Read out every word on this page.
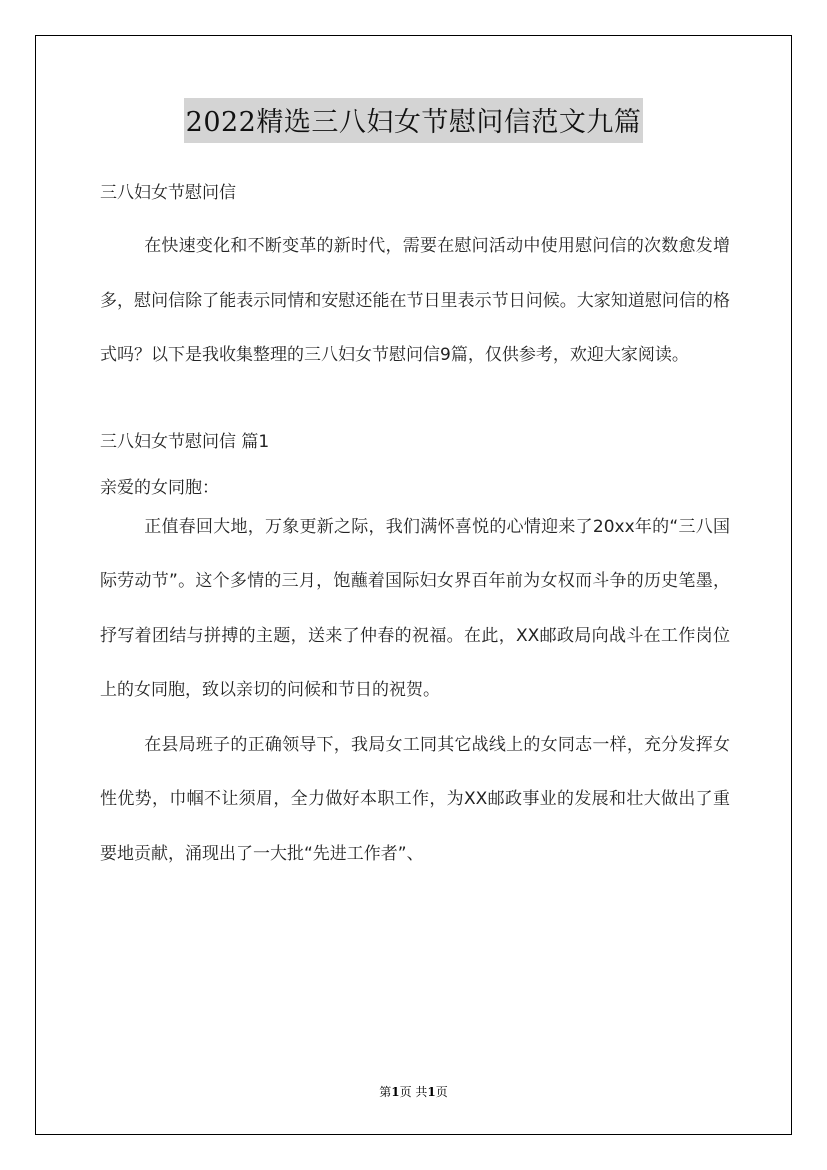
2022精选三八妇女节慰问信范文九篇
三八妇女节慰问信

在快速变化和不断变革的新时代，需要在慰问活动中使用慰问信的次数愈发增多，慰问信除了能表示同情和安慰还能在节日里表示节日问候。大家知道慰问信的格式吗？以下是我收集整理的三八妇女节慰问信9篇，仅供参考，欢迎大家阅读。

三八妇女节慰问信 篇1
亲爱的女同胞：

正值春回大地，万象更新之际，我们满怀喜悦的心情迎来了20xx年的“三八国际劳动节”。这个多情的三月，饱蘸着国际妇女界百年前为女权而斗争的历史笔墨，抒写着团结与拼搏的主题，送来了仲春的祝福。在此，XX邮政局向战斗在工作岗位上的女同胞，致以亲切的问候和节日的祝贺。

在县局班子的正确领导下，我局女工同其它战线上的女同志一样，充分发挥女性优势，巾帼不让须眉，全力做好本职工作，为XX邮政事业的发展和壮大做出了重要地贡献，涌现出了一大批“先进工作者”、

第1页 共1页
